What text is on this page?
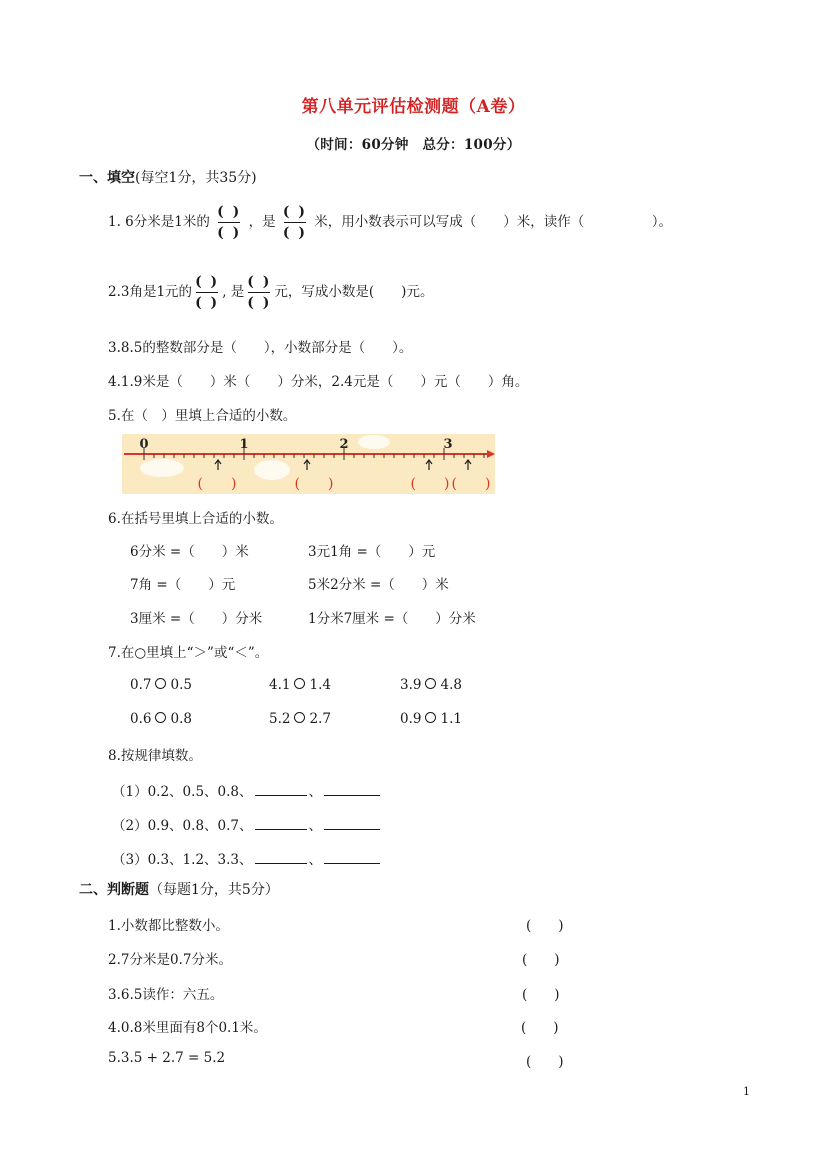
第八单元评估检测题（A卷）
（时间：60分钟　总分：100分）
一、填空(每空1分，共35分)
1. 6分米是1米的 $\frac{( )}{( )}$ ，是 $\frac{( )}{( )}$ 米，用小数表示可以写成（　　）米，读作（　　　　　）。
2.3角是1元的 $\frac{( )}{( )}$ , 是 $\frac{( )}{( )}$ 元，写成小数是(　　)元。
3.8.5的整数部分是（　　），小数部分是（　　）。
4.1.9米是（　　）米（　　）分米，2.4元是（　　）元（　　）角。
5.在（　）里填上合适的小数。
0	1	2	3
(　　)	(　　)	(　　) (　　)
6.在括号里填上合适的小数。
6分米 =（　　）米	3元1角 =（　　）元
7角 =（　　）元	5米2分米 =（　　）米
3厘米 =（　　）分米	1分米7厘米 =（　　）分米
7.在○里填上“＞”或“＜”。
0.7 0.5	4.1 1.4	3.9 4.8
0.6 0.8	5.2 2.7	0.9 1.1
8.按规律填数。
（1）0.2、0.5、0.8、	、
（2）0.9、0.8、0.7、	、
（3）0.3、1.2、3.3、	、
二、判断题（每题1分，共5分）
1.小数都比整数小。	(　　)
2.7分米是0.7分米。	(　　)
3.6.5读作：六五。	(　　)
4.0.8米里面有8个0.1米。	(　　)
5.3.5 + 2.7 = 5.2	(　　)
1
